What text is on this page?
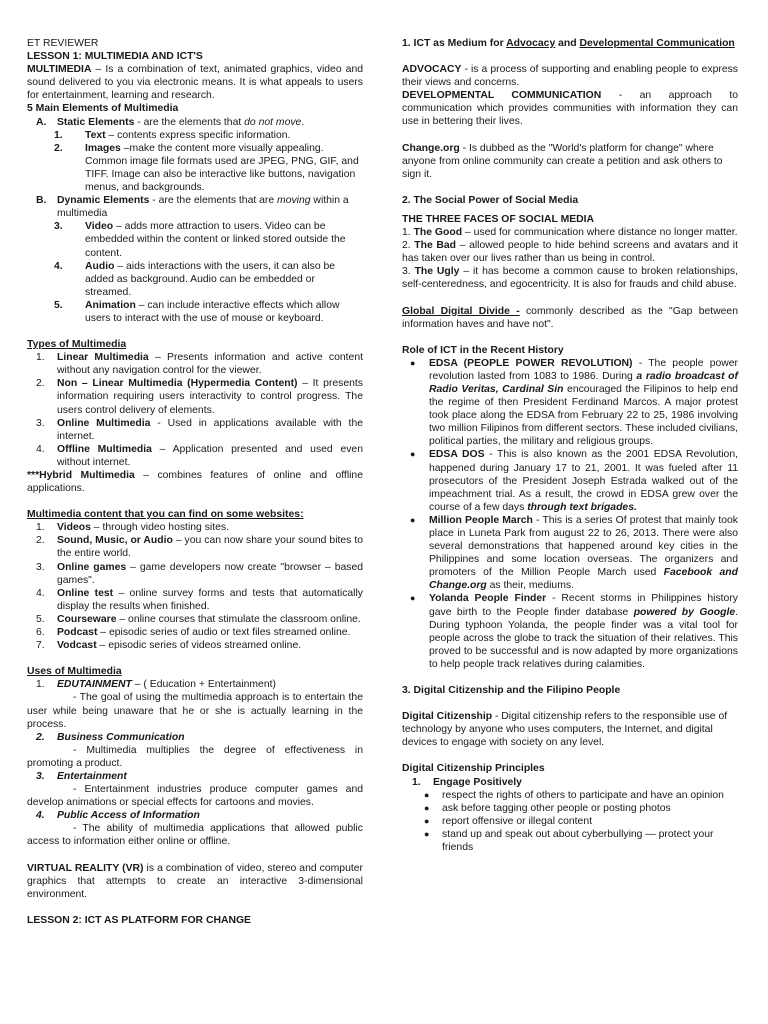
ET REVIEWER

LESSON 1: MULTIMEDIA AND ICT'S

MULTIMEDIA – Is a combination of text, animated graphics, video and sound delivered to you via electronic means. It is what appeals to users for entertainment, learning and research.

5 Main Elements of Multimedia

A. Static Elements - are the elements that do not move.
1. Text – contents express specific information.
2. Images –make the content more visually appealing. Common image file formats used are JPEG, PNG, GIF, and TIFF. Image can also be interactive like buttons, navigation menus, and backgrounds.
B. Dynamic Elements - are the elements that are moving within a multimedia
3. Video – adds more attraction to users. Video can be embedded within the content or linked stored outside the content.
4. Audio – aids interactions with the users, it can also be added as background. Audio can be embedded or streamed.
5. Animation – can include interactive effects which allow users to interact with the use of mouse or keyboard.

Types of Multimedia

1. Linear Multimedia – Presents information and active content without any navigation control for the viewer.
2. Non – Linear Multimedia (Hypermedia Content) – It presents information requiring users interactivity to control progress. The users control delivery of elements.
3. Online Multimedia - Used in applications available with the internet.
4. Offline Multimedia – Application presented and used even without internet.

***Hybrid Multimedia – combines features of online and offline applications.

Multimedia content that you can find on some websites:

1. Videos – through video hosting sites.
2. Sound, Music, or Audio – you can now share your sound bites to the entire world.
3. Online games – game developers now create "browser – based games".
4. Online test – online survey forms and tests that automatically display the results when finished.
5. Courseware – online courses that stimulate the classroom online.
6. Podcast – episodic series of audio or text files streamed online.
7. Vodcast – episodic series of videos streamed online.

Uses of Multimedia

1. EDUTAINMENT – ( Education + Entertainment)

- The goal of using the multimedia approach is to entertain the user while being unaware that he or she is actually learning in the process.

2. Business Communication

- Multimedia multiplies the degree of effectiveness in promoting a product.

3. Entertainment

- Entertainment industries produce computer games and develop animations or special effects for cartoons and movies.

4. Public Access of Information

- The ability of multimedia applications that allowed public access to information either online or offline.

VIRTUAL REALITY (VR) is a combination of video, stereo and computer graphics that attempts to create an interactive 3-dimensional environment.

LESSON 2: ICT AS PLATFORM FOR CHANGE

1. ICT as Medium for Advocacy and Developmental Communication

ADVOCACY - is a process of supporting and enabling people to express their views and concerns.

DEVELOPMENTAL COMMUNICATION - an approach to communication which provides communities with information they can use in bettering their lives.

Change.org - Is dubbed as the "World's platform for change" where anyone from online community can create a petition and ask others to sign it.

2. The Social Power of Social Media

THE THREE FACES OF SOCIAL MEDIA

1. The Good – used for communication where distance no longer matter.

2. The Bad – allowed people to hide behind screens and avatars and it has taken over our lives rather than us being in control.

3. The Ugly – it has become a common cause to broken relationships, self-centeredness, and egocentricity. It is also for frauds and child abuse.

Global Digital Divide - commonly described as the "Gap between information haves and have not".

Role of ICT in the Recent History

● EDSA (PEOPLE POWER REVOLUTION) - The people power revolution lasted from 1083 to 1986. During a radio broadcast of Radio Veritas, Cardinal Sin encouraged the Filipinos to help end the regime of then President Ferdinand Marcos. A major protest took place along the EDSA from February 22 to 25, 1986 involving two million Filipinos from different sectors. These included civilians, political parties, the military and religious groups.
● EDSA DOS - This is also known as the 2001 EDSA Revolution, happened during January 17 to 21, 2001. It was fueled after 11 prosecutors of the President Joseph Estrada walked out of the impeachment trial. As a result, the crowd in EDSA grew over the course of a few days through text brigades.
● Million People March - This is a series Of protest that mainly took place in Luneta Park from august 22 to 26, 2013. There were also several demonstrations that happened around key cities in the Philippines and some location overseas. The organizers and promoters of the Million People March used Facebook and Change.org as their, mediums.
● Yolanda People Finder - Recent storms in Philippines history gave birth to the People finder database powered by Google. During typhoon Yolanda, the people finder was a vital tool for people across the globe to track the situation of their relatives. This proved to be successful and is now adapted by more organizations to help people track relatives during calamities.

3. Digital Citizenship and the Filipino People

Digital Citizenship - Digital citizenship refers to the responsible use of technology by anyone who uses computers, the Internet, and digital devices to engage with society on any level.

Digital Citizenship Principles

1. Engage Positively
● respect the rights of others to participate and have an opinion
● ask before tagging other people or posting photos
● report offensive or illegal content
● stand up and speak out about cyberbullying — protect your friends
